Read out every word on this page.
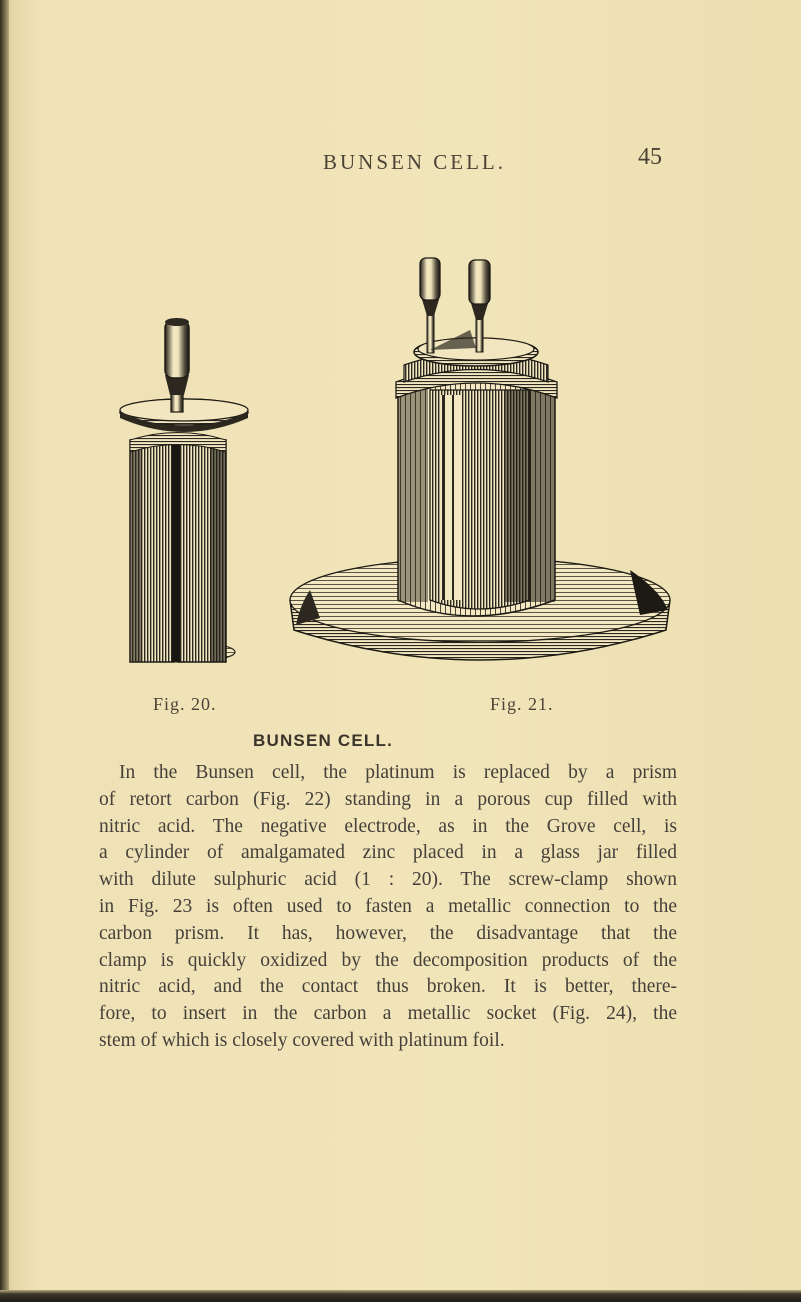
BUNSEN CELL.	45
Fig. 20.	Fig. 21.
BUNSEN CELL.
In the Bunsen cell, the platinum is replaced by a prism
of retort carbon (Fig. 22) standing in a porous cup filled with
nitric acid. The negative electrode, as in the Grove cell, is
a cylinder of amalgamated zinc placed in a glass jar filled
with dilute sulphuric acid (1 : 20). The screw-clamp shown
in Fig. 23 is often used to fasten a metallic connection to the
carbon prism. It has, however, the disadvantage that the
clamp is quickly oxidized by the decomposition products of the
nitric acid, and the contact thus broken. It is better, there-
fore, to insert in the carbon a metallic socket (Fig. 24), the
stem of which is closely covered with platinum foil.
